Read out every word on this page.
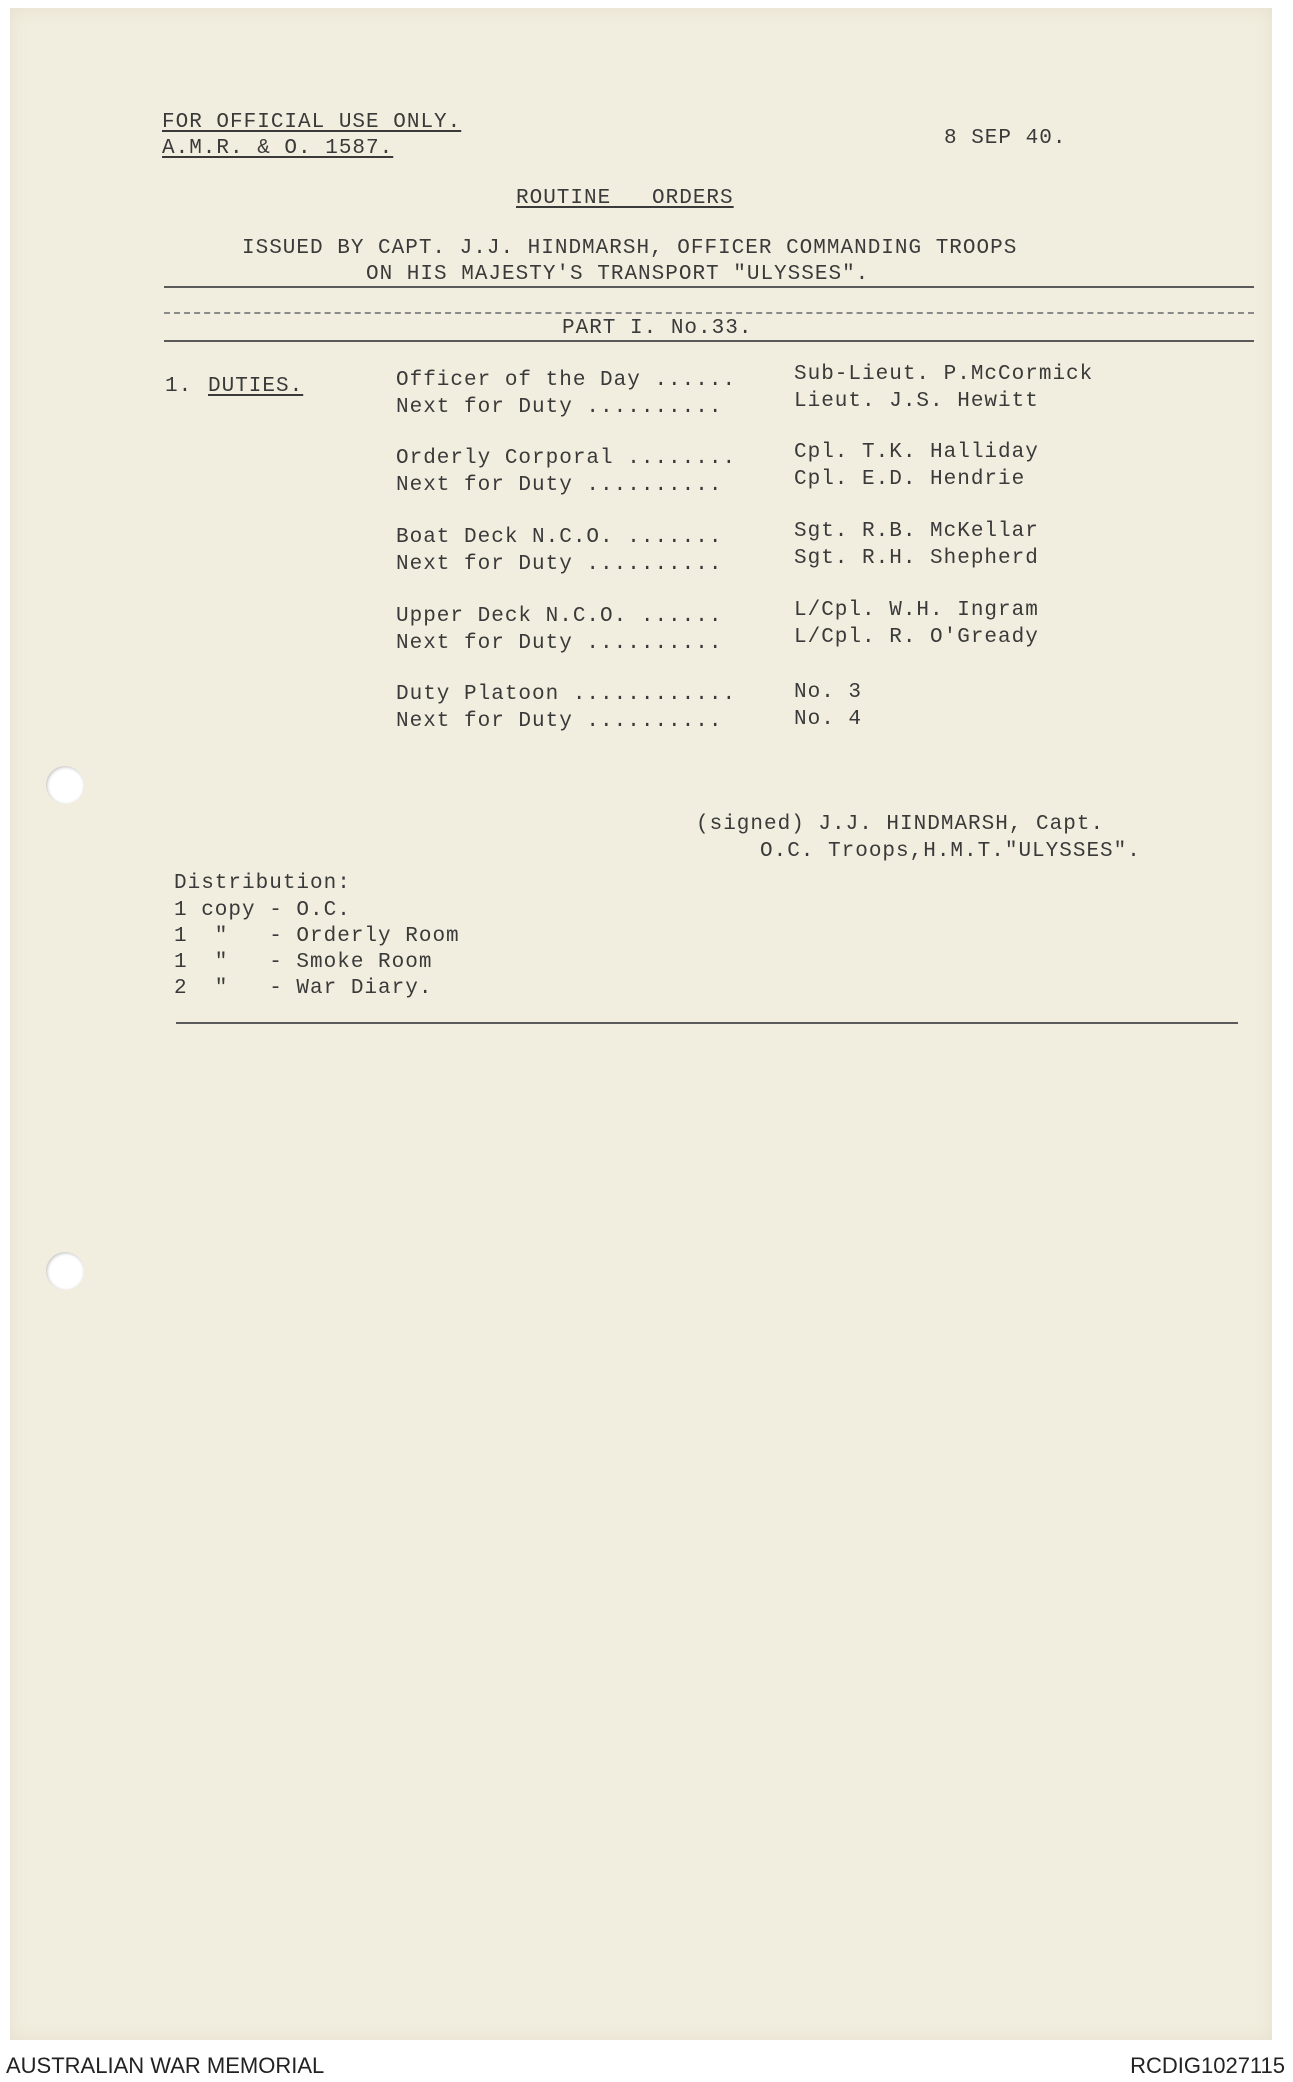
FOR OFFICIAL USE ONLY.
A.M.R. & O. 1587.	8 SEP 40.
ROUTINE   ORDERS
ISSUED BY CAPT. J.J. HINDMARSH, OFFICER COMMANDING TROOPS
ON HIS MAJESTY'S TRANSPORT "ULYSSES".
PART I. No.33.
1. DUTIES.	Officer of the Day ......	Sub-Lieut. P.McCormick
Next for Duty ..........	Lieut. J.S. Hewitt
Orderly Corporal ........	Cpl. T.K. Halliday
Next for Duty ..........	Cpl. E.D. Hendrie
Boat Deck N.C.O. .......	Sgt. R.B. McKellar
Next for Duty ..........	Sgt. R.H. Shepherd
Upper Deck N.C.O. ......	L/Cpl. W.H. Ingram
Next for Duty ..........	L/Cpl. R. O'Gready
Duty Platoon ............	No. 3
Next for Duty ..........	No. 4
(signed) J.J. HINDMARSH, Capt.
O.C. Troops,H.M.T."ULYSSES".
Distribution:
1 copy - O.C.
1  "   - Orderly Room
1  "   - Smoke Room
2  "   - War Diary.
AUSTRALIAN WAR MEMORIAL	RCDIG1027115
